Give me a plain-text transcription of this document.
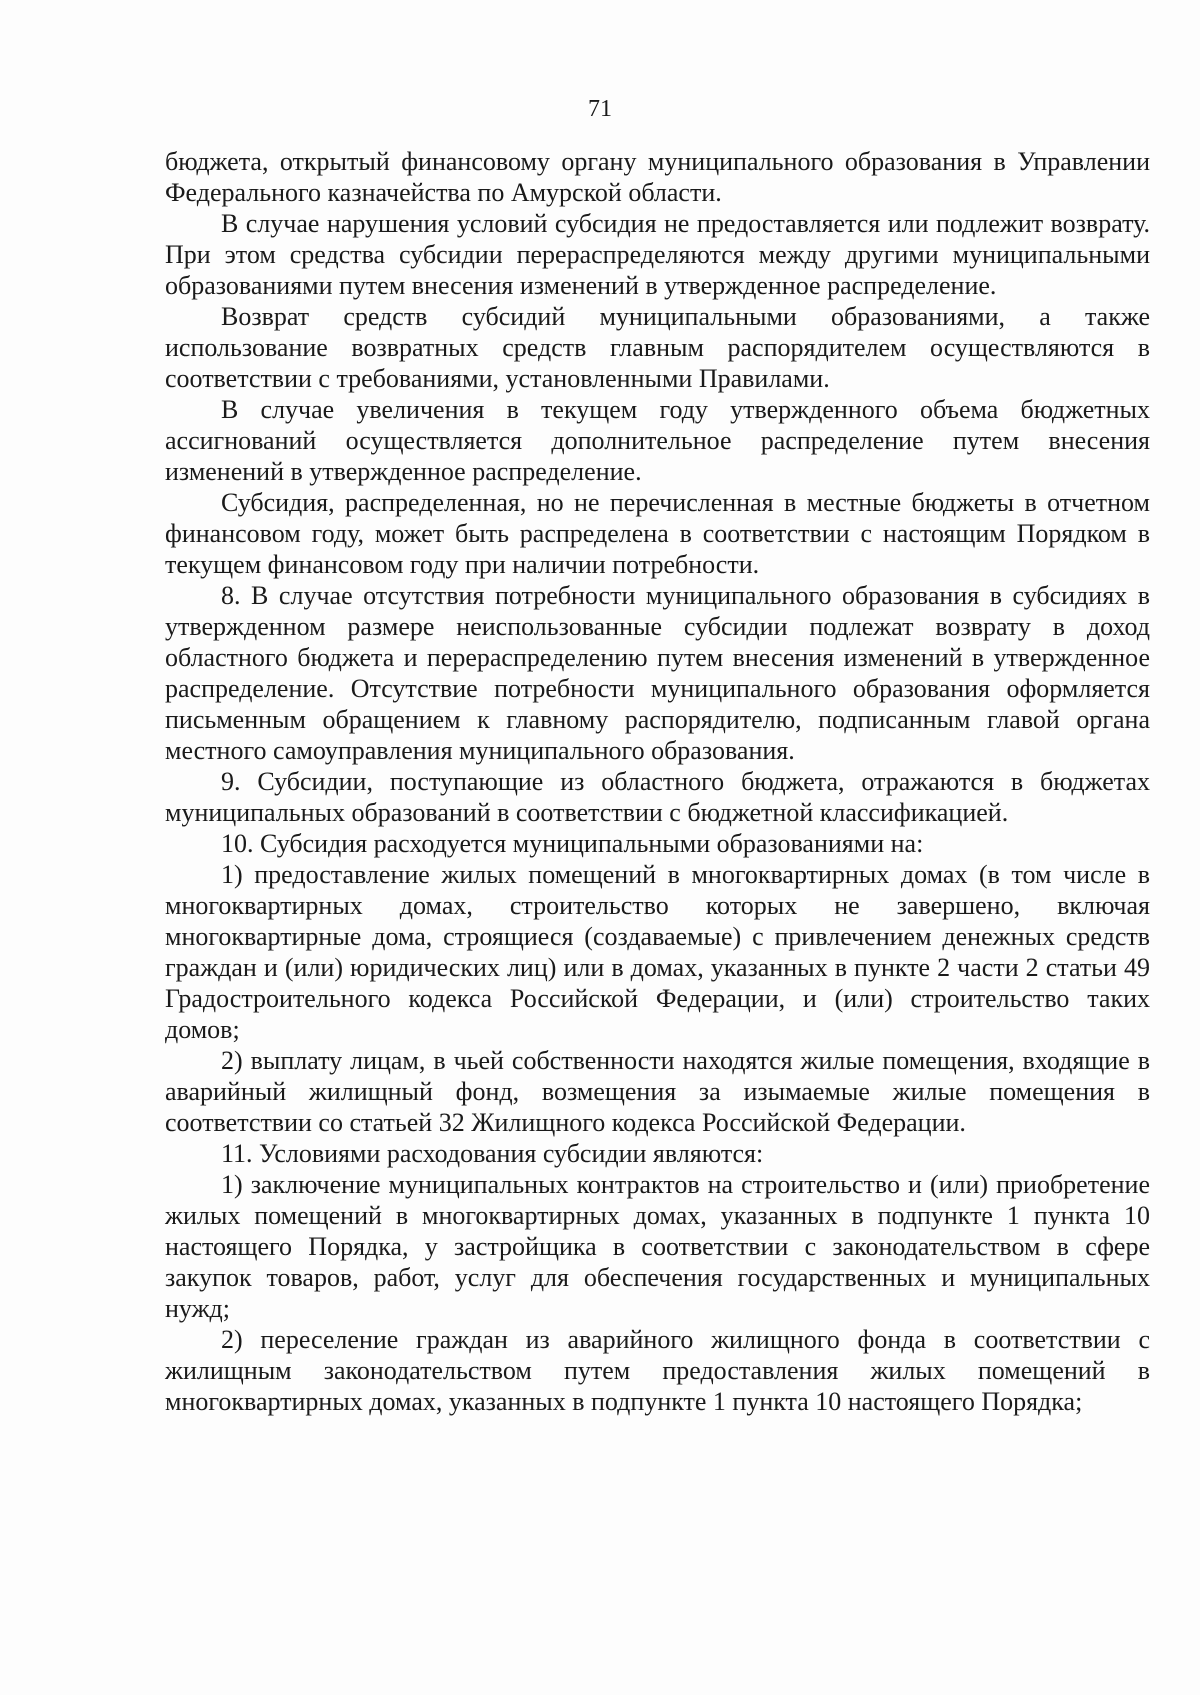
71

бюджета, открытый финансовому органу муниципального образования в Управлении Федерального казначейства по Амурской области.

В случае нарушения условий субсидия не предоставляется или подлежит возврату. При этом средства субсидии перераспределяются между другими муниципальными образованиями путем внесения изменений в утвержденное распределение.

Возврат средств субсидий муниципальными образованиями, а также использование возвратных средств главным распорядителем осуществляются в соответствии с требованиями, установленными Правилами.

В случае увеличения в текущем году утвержденного объема бюджетных ассигнований осуществляется дополнительное распределение путем внесения изменений в утвержденное распределение.

Субсидия, распределенная, но не перечисленная в местные бюджеты в отчетном финансовом году, может быть распределена в соответствии с настоящим Порядком в текущем финансовом году при наличии потребности.

8. В случае отсутствия потребности муниципального образования в субсидиях в утвержденном размере неиспользованные субсидии подлежат возврату в доход областного бюджета и перераспределению путем внесения изменений в утвержденное распределение. Отсутствие потребности муниципального образования оформляется письменным обращением к главному распорядителю, подписанным главой органа местного самоуправления муниципального образования.

9. Субсидии, поступающие из областного бюджета, отражаются в бюджетах муниципальных образований в соответствии с бюджетной классификацией.

10. Субсидия расходуется муниципальными образованиями на:

1) предоставление жилых помещений в многоквартирных домах (в том числе в многоквартирных домах, строительство которых не завершено, включая многоквартирные дома, строящиеся (создаваемые) с привлечением денежных средств граждан и (или) юридических лиц) или в домах, указанных в пункте 2 части 2 статьи 49 Градостроительного кодекса Российской Федерации, и (или) строительство таких домов;

2) выплату лицам, в чьей собственности находятся жилые помещения, входящие в аварийный жилищный фонд, возмещения за изымаемые жилые помещения в соответствии со статьей 32 Жилищного кодекса Российской Федерации.

11. Условиями расходования субсидии являются:

1) заключение муниципальных контрактов на строительство и (или) приобретение жилых помещений в многоквартирных домах, указанных в подпункте 1 пункта 10 настоящего Порядка, у застройщика в соответствии с законодательством в сфере закупок товаров, работ, услуг для обеспечения государственных и муниципальных нужд;

2) переселение граждан из аварийного жилищного фонда в соответствии с жилищным законодательством путем предоставления жилых помещений в многоквартирных домах, указанных в подпункте 1 пункта 10 настоящего Порядка;
